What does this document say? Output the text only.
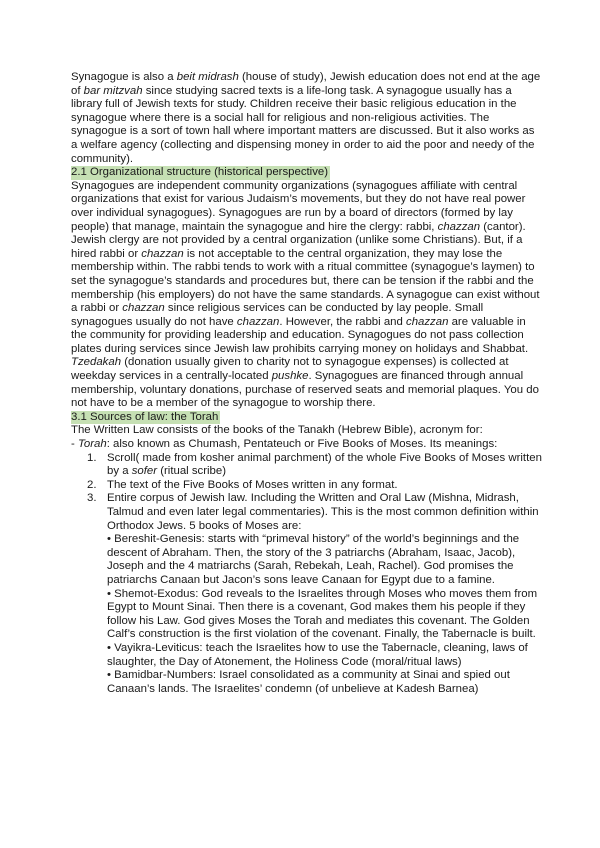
Synagogue is also a beit midrash (house of study), Jewish education does not end at the age of bar mitzvah since studying sacred texts is a life-long task. A synagogue usually has a library full of Jewish texts for study. Children receive their basic religious education in the synagogue where there is a social hall for religious and non-religious activities. The synagogue is a sort of town hall where important matters are discussed. But it also works as a welfare agency (collecting and dispensing money in order to aid the poor and needy of the community).

2.1 Organizational structure (historical perspective)

Synagogues are independent community organizations (synagogues affiliate with central organizations that exist for various Judaism’s movements, but they do not have real power over individual synagogues). Synagogues are run by a board of directors (formed by lay people) that manage, maintain the synagogue and hire the clergy: rabbi, chazzan (cantor). Jewish clergy are not provided by a central organization (unlike some Christians). But, if a hired rabbi or chazzan is not acceptable to the central organization, they may lose the membership within. The rabbi tends to work with a ritual committee (synagogue’s laymen) to set the synagogue’s standards and procedures but, there can be tension if the rabbi and the membership (his employers) do not have the same standards. A synagogue can exist without a rabbi or chazzan since religious services can be conducted by lay people. Small synagogues usually do not have chazzan. However, the rabbi and chazzan are valuable in the community for providing leadership and education. Synagogues do not pass collection plates during services since Jewish law prohibits carrying money on holidays and Shabbat. Tzedakah (donation usually given to charity not to synagogue expenses) is collected at weekday services in a centrally-located pushke. Synagogues are financed through annual membership, voluntary donations, purchase of reserved seats and memorial plaques. You do not have to be a member of the synagogue to worship there.

3.1 Sources of law: the Torah

The Written Law consists of the books of the Tanakh (Hebrew Bible), acronym for:

- Torah: also known as Chumash, Pentateuch or Five Books of Moses. Its meanings:

1. Scroll( made from kosher animal parchment) of the whole Five Books of Moses written by a sofer (ritual scribe)
2. The text of the Five Books of Moses written in any format.
3. Entire corpus of Jewish law. Including the Written and Oral Law (Mishna, Midrash, Talmud and even later legal commentaries). This is the most common definition within Orthodox Jews. 5 books of Moses are:

• Bereshit-Genesis: starts with “primeval history” of the world’s beginnings and the descent of Abraham. Then, the story of the 3 patriarchs (Abraham, Isaac, Jacob), Joseph and the 4 matriarchs (Sarah, Rebekah, Leah, Rachel). God promises the patriarchs Canaan but Jacon’s sons leave Canaan for Egypt due to a famine.

• Shemot-Exodus: God reveals to the Israelites through Moses who moves them from Egypt to Mount Sinai. Then there is a covenant, God makes them his people if they follow his Law. God gives Moses the Torah and mediates this covenant. The Golden Calf’s construction is the first violation of the covenant. Finally, the Tabernacle is built.

• Vayikra-Leviticus: teach the Israelites how to use the Tabernacle, cleaning, laws of slaughter, the Day of Atonement, the Holiness Code (moral/ritual laws)

• Bamidbar-Numbers: Israel consolidated as a community at Sinai and spied out Canaan’s lands. The Israelites’ condemn (of unbelieve at Kadesh Barnea)
